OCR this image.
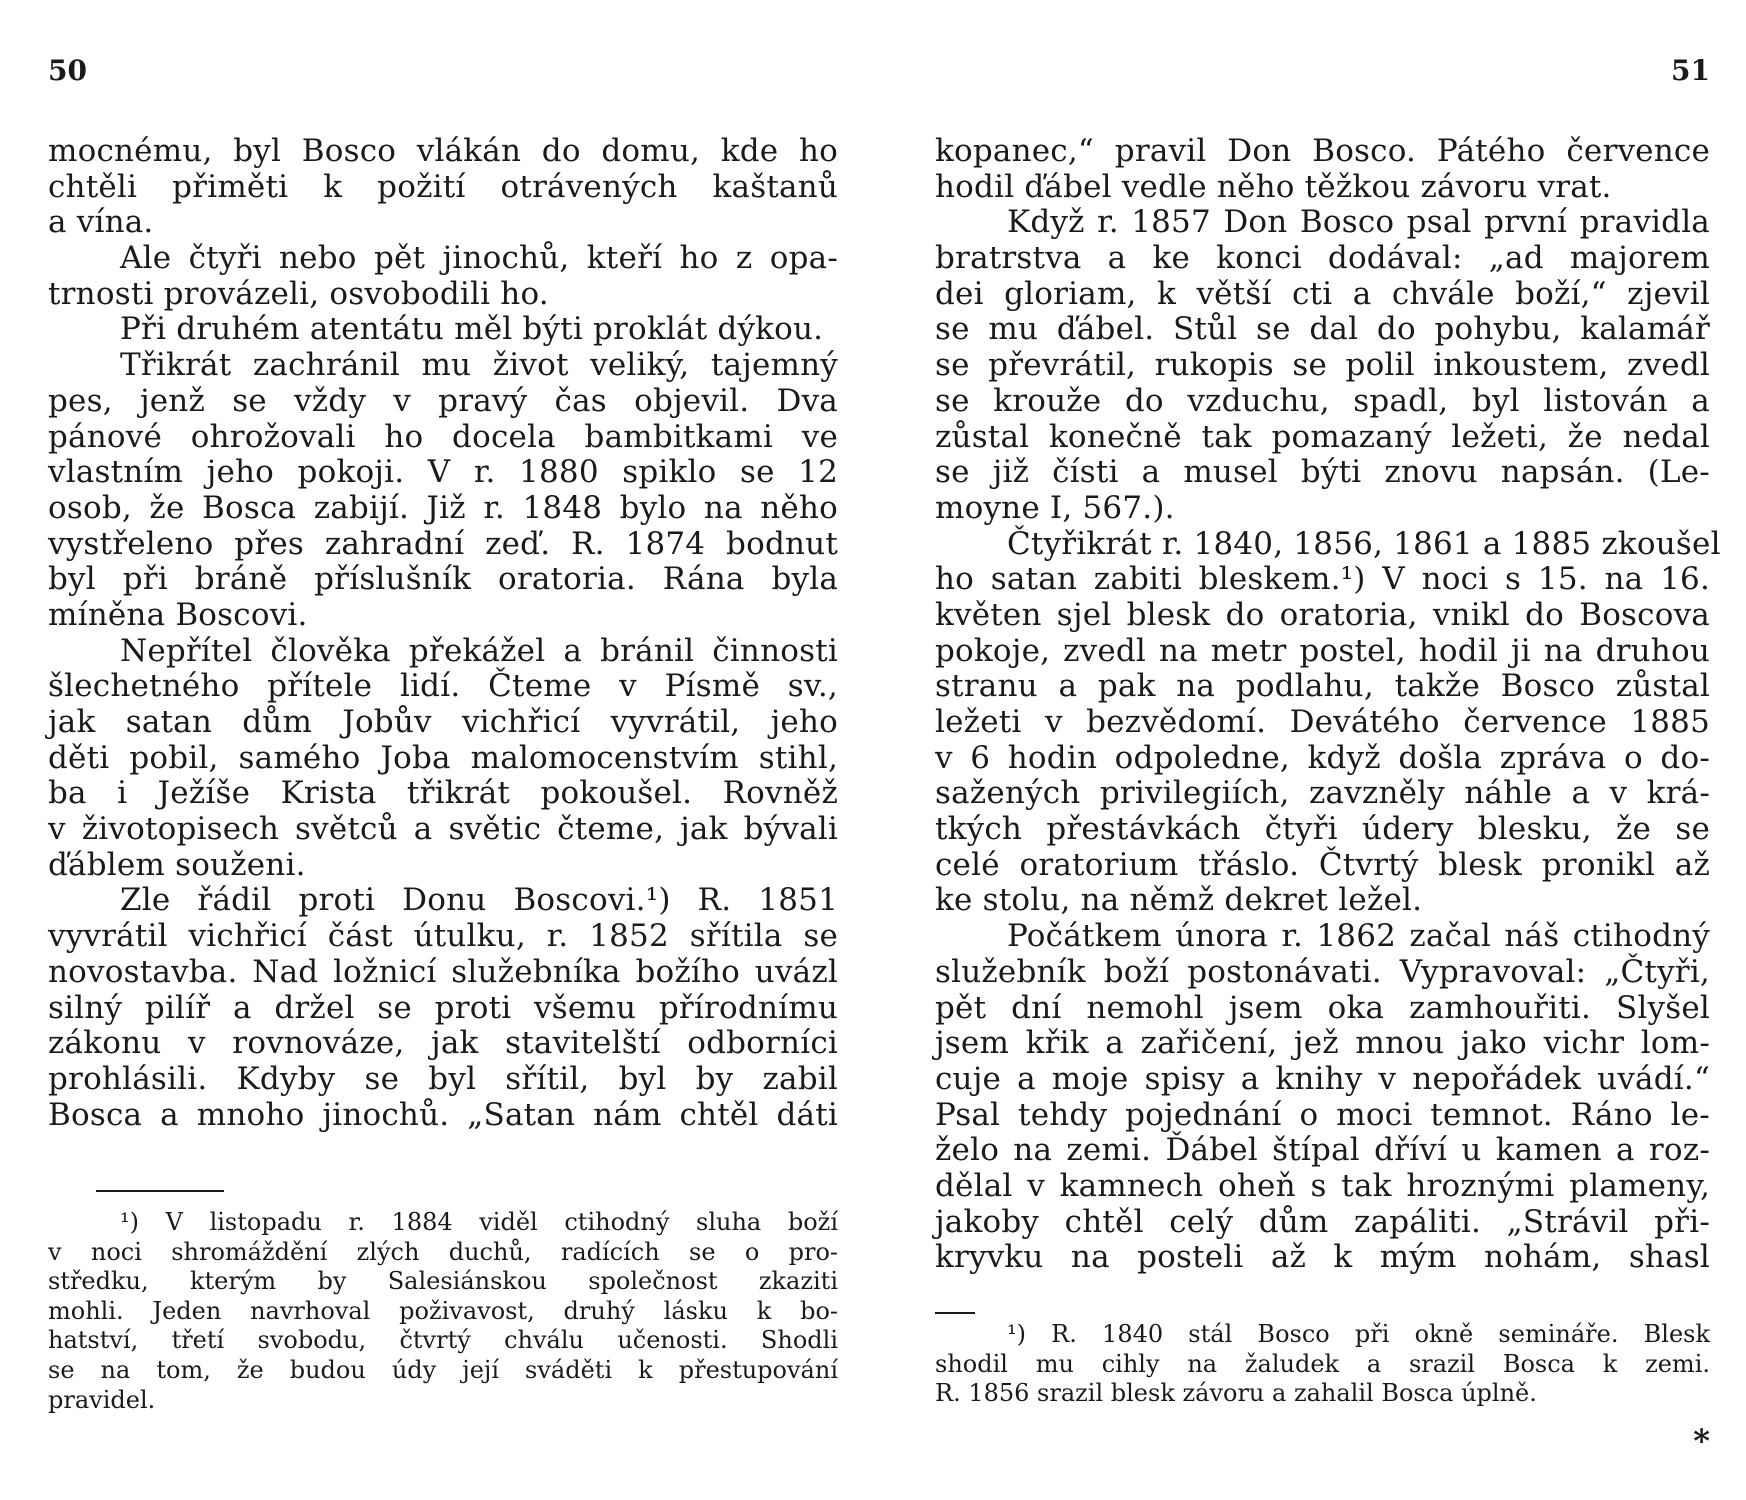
50
mocnému, byl Bosco vlákán do domu, kde ho
chtěli přiměti k požití otrávených kaštanů
a vína.
Ale čtyři nebo pět jinochů, kteří ho z opa-
trnosti provázeli, osvobodili ho.
Při druhém atentátu měl býti proklát dýkou.
Třikrát zachránil mu život veliký, tajemný
pes, jenž se vždy v pravý čas objevil. Dva
pánové ohrožovali ho docela bambitkami ve
vlastním jeho pokoji. V r. 1880 spiklo se 12
osob, že Bosca zabijí. Již r. 1848 bylo na něho
vystřeleno přes zahradní zeď. R. 1874 bodnut
byl při bráně příslušník oratoria. Rána byla
míněna Boscovi.
Nepřítel člověka překážel a bránil činnosti
šlechetného přítele lidí. Čteme v Písmě sv.,
jak satan dům Jobův vichřicí vyvrátil, jeho
děti pobil, samého Joba malomocenstvím stihl,
ba i Ježíše Krista třikrát pokoušel. Rovněž
v životopisech světců a světic čteme, jak bývali
ďáblem souženi.
Zle řádil proti Donu Boscovi.¹) R. 1851
vyvrátil vichřicí část útulku, r. 1852 sřítila se
novostavba. Nad ložnicí služebníka božího uvázl
silný pilíř a držel se proti všemu přírodnímu
zákonu v rovnováze, jak stavitelští odborníci
prohlásili. Kdyby se byl sřítil, byl by zabil
Bosca a mnoho jinochů. „Satan nám chtěl dáti
¹) V listopadu r. 1884 viděl ctihodný sluha boží
v noci shromáždění zlých duchů, radících se o pro-
středku, kterým by Salesiánskou společnost zkaziti
mohli. Jeden navrhoval poživavost, druhý lásku k bo-
hatství, třetí svobodu, čtvrtý chválu učenosti. Shodli
se na tom, že budou údy její sváděti k přestupování
pravidel.
51
kopanec,“ pravil Don Bosco. Pátého července
hodil ďábel vedle něho těžkou závoru vrat.
Když r. 1857 Don Bosco psal první pravidla
bratrstva a ke konci dodával: „ad majorem
dei gloriam, k větší cti a chvále boží,“ zjevil
se mu ďábel. Stůl se dal do pohybu, kalamář
se převrátil, rukopis se polil inkoustem, zvedl
se krouže do vzduchu, spadl, byl listován a
zůstal konečně tak pomazaný ležeti, že nedal
se již čísti a musel býti znovu napsán. (Le-
moyne I, 567.).
Čtyřikrát r. 1840, 1856, 1861 a 1885 zkoušel
ho satan zabiti bleskem.¹) V noci s 15. na 16.
květen sjel blesk do oratoria, vnikl do Boscova
pokoje, zvedl na metr postel, hodil ji na druhou
stranu a pak na podlahu, takže Bosco zůstal
ležeti v bezvědomí. Devátého července 1885
v 6 hodin odpoledne, když došla zpráva o do-
sažených privilegiích, zavzněly náhle a v krá-
tkých přestávkách čtyři údery blesku, že se
celé oratorium třáslo. Čtvrtý blesk pronikl až
ke stolu, na němž dekret ležel.
Počátkem února r. 1862 začal náš ctihodný
služebník boží postonávati. Vypravoval: „Čtyři,
pět dní nemohl jsem oka zamhouřiti. Slyšel
jsem křik a zařičení, jež mnou jako vichr lom-
cuje a moje spisy a knihy v nepořádek uvádí.“
Psal tehdy pojednání o moci temnot. Ráno le-
želo na zemi. Ďábel štípal dříví u kamen a roz-
dělal v kamnech oheň s tak hroznými plameny,
jakoby chtěl celý dům zapáliti. „Strávil při-
kryvku na posteli až k mým nohám, shasl
¹) R. 1840 stál Bosco při okně semináře. Blesk
shodil mu cihly na žaludek a srazil Bosca k zemi.
R. 1856 srazil blesk závoru a zahalil Bosca úplně.
*
